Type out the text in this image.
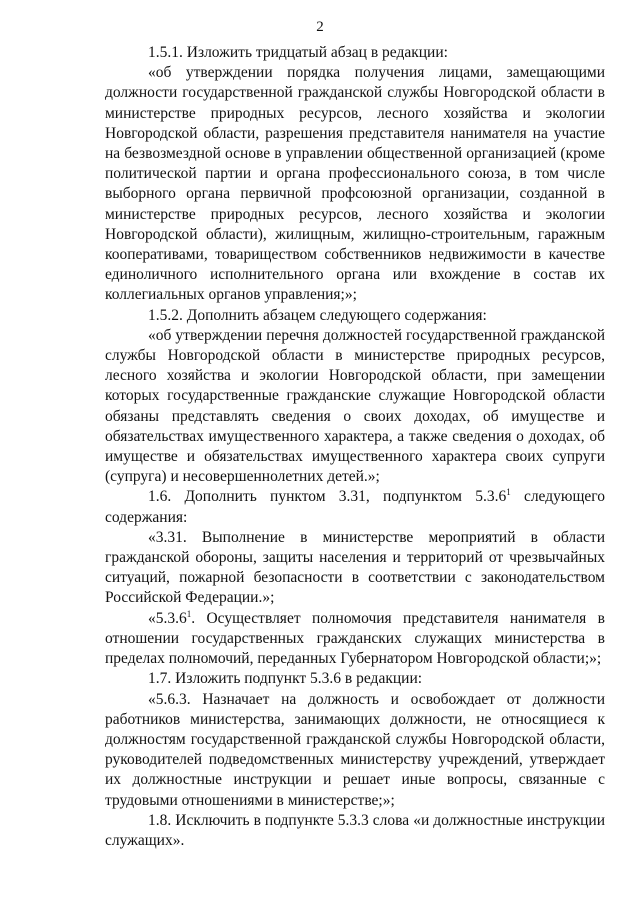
2

1.5.1. Изложить тридцатый абзац в редакции:

«об утверждении порядка получения лицами, замещающими должности государственной гражданской службы Новгородской области в министерстве природных ресурсов, лесного хозяйства и экологии Новгородской области, разрешения представителя нанимателя на участие на безвозмездной основе в управлении общественной организацией (кроме политической партии и органа профессионального союза, в том числе выборного органа первичной профсоюзной организации, созданной в министерстве природных ресурсов, лесного хозяйства и экологии Новгородской области), жилищным, жилищно-строительным, гаражным кооперативами, товариществом собственников недвижимости в качестве единоличного исполнительного органа или вхождение в состав их коллегиальных органов управления;»;

1.5.2. Дополнить абзацем следующего содержания:

«об утверждении перечня должностей государственной гражданской службы Новгородской области в министерстве природных ресурсов, лесного хозяйства и экологии Новгородской области, при замещении которых государственные гражданские служащие Новгородской области обязаны представлять сведения о своих доходах, об имуществе и обязательствах имущественного характера, а также сведения о доходах, об имуществе и обязательствах имущественного характера своих супруги (супруга) и несовершеннолетних детей.»;

1.6. Дополнить пунктом 3.31, подпунктом 5.3.6$^1$ следующего содержания:

«3.31. Выполнение в министерстве мероприятий в области гражданской обороны, защиты населения и территорий от чрезвычайных ситуаций, пожарной безопасности в соответствии с законодательством Российской Федерации.»;

«5.3.6$^1$. Осуществляет полномочия представителя нанимателя в отношении государственных гражданских служащих министерства в пределах полномочий, переданных Губернатором Новгородской области;»;

1.7. Изложить подпункт 5.3.6 в редакции:

«5.6.3. Назначает на должность и освобождает от должности работников министерства, занимающих должности, не относящиеся к должностям государственной гражданской службы Новгородской области, руководителей подведомственных министерству учреждений, утверждает их должностные инструкции и решает иные вопросы, связанные с трудовыми отношениями в министерстве;»;

1.8. Исключить в подпункте 5.3.3 слова «и должностные инструкции служащих».
